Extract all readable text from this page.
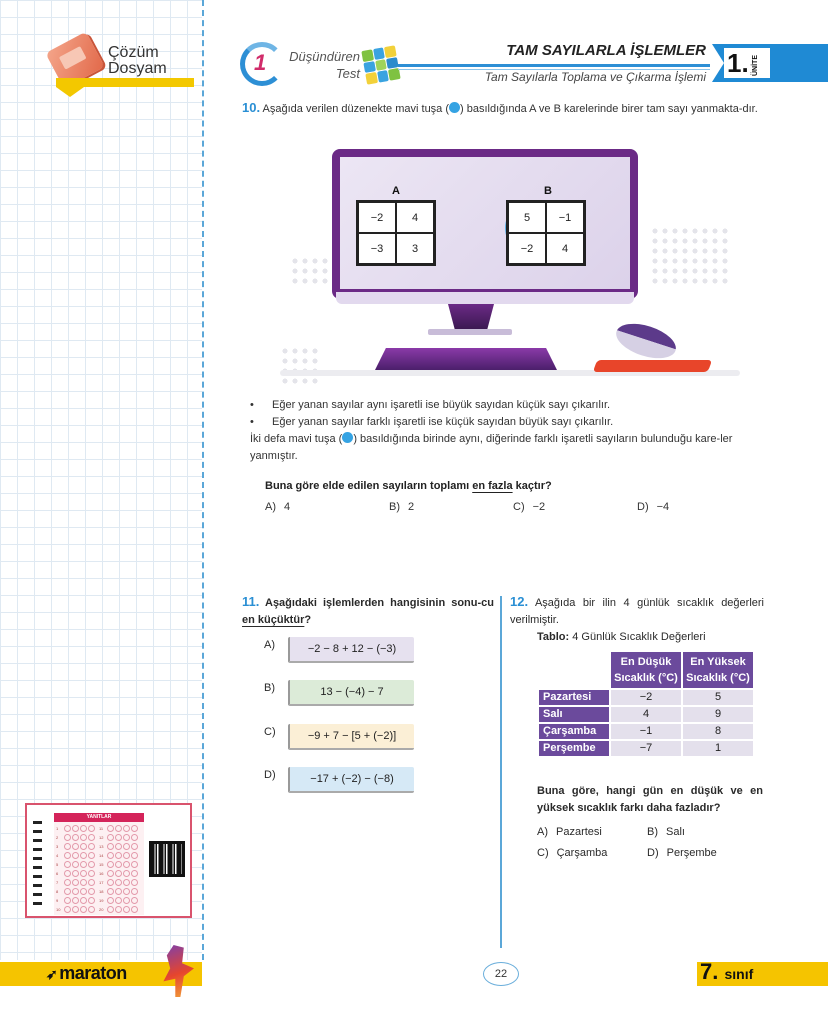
Çözüm
Dosyam	1 Düşündüren
Test
TAM SAYILARLA İŞLEMLER
Tam Sayılarla Toplama ve Çıkarma İşlemi 1. ÜNİTE
10. Aşağıda verilen düzenekte mavi tuşa ( ) basıldığında A ve B karelerinde birer tam sayı yanmakta-dır.
A
−2	4
−3	3
B
5	−1
−2	4
•	Eğer yanan sayılar aynı işaretli ise büyük sayıdan küçük sayı çıkarılır.
•	Eğer yanan sayılar farklı işaretli ise küçük sayıdan büyük sayı çıkarılır.
İki defa mavi tuşa ( ) basıldığında birinde aynı, diğerinde farklı işaretli sayıların bulunduğu kare-ler yanmıştır.
Buna göre elde edilen sayıların toplamı en fazla kaçtır?
A) 4	B) 2	C) −2	D) −4
11. Aşağıdaki işlemlerden hangisinin sonu-cu en küçüktür?
A)	−2 − 8 + 12 − (−3)
B)	13 − (−4) − 7
C)	−9 + 7 − [5 + (−2)]
D)	−17 + (−2) − (−8)
12. Aşağıda bir ilin 4 günlük sıcaklık değerleri verilmiştir.
Tablo: 4 Günlük Sıcaklık Değerleri
	En Düşük Sıcaklık (°C)	En Yüksek Sıcaklık (°C)
Pazartesi	−2	5
Salı	4	9
Çarşamba	−1	8
Perşembe	−7	1
Buna göre, hangi gün en düşük ve en yüksek sıcaklık farkı daha fazladır?
A) Pazartesi	B) Salı
C) Çarşamba	D) Perşembe
YANITLAR
1
2
3
4
5
6
7
8
9
10
11
12
13
14
15
16
17
18
19
20
➶ maraton	22	7. sınıf
